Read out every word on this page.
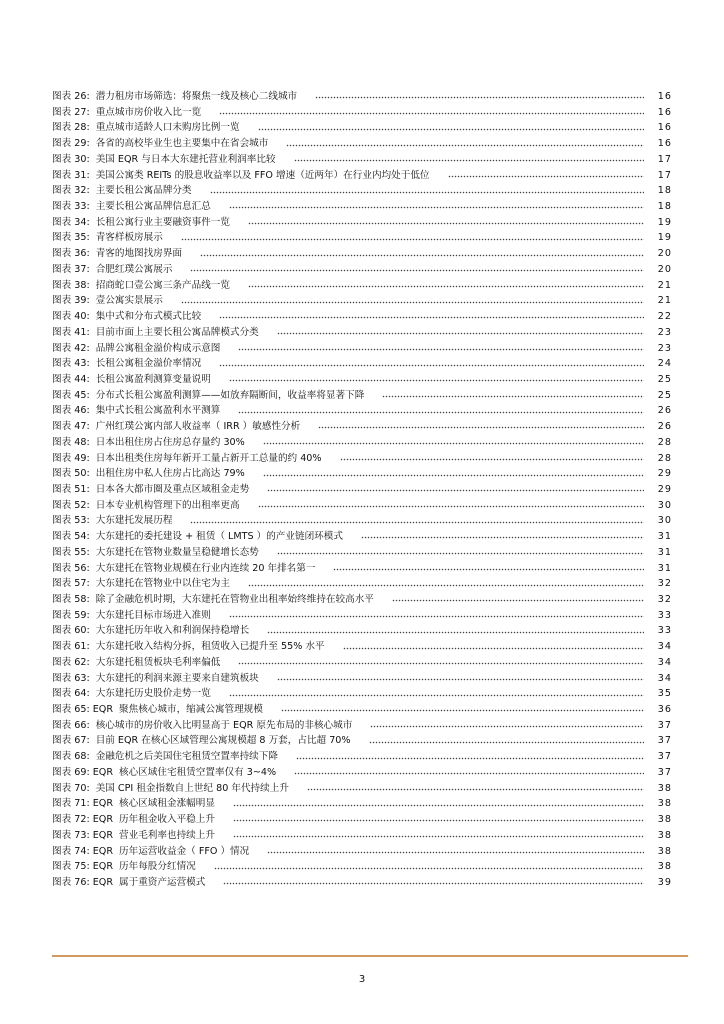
图表 26: 潜力租房市场筛选：将聚焦一线及核心二线城市	16
图表 27: 重点城市房价收入比一览	16
图表 28: 重点城市适龄人口未购房比例一览	16
图表 29: 各省的高校毕业生也主要集中在省会城市	16
图表 30: 美国 EQR 与日本大东建托营业利润率比较	17
图表 31: 美国公寓类 REITs 的股息收益率以及 FFO 增速（近两年）在行业内均处于低位	17
图表 32: 主要长租公寓品牌分类	18
图表 33: 主要长租公寓品牌信息汇总	18
图表 34: 长租公寓行业主要融资事件一览	19
图表 35: 青客样板房展示	19
图表 36: 青客的地图找房界面	20
图表 37: 合肥红璞公寓展示	20
图表 38: 招商蛇口壹公寓三条产品线一览	21
图表 39: 壹公寓实景展示	21
图表 40: 集中式和分布式模式比较	22
图表 41: 目前市面上主要长租公寓品牌模式分类	23
图表 42: 品牌公寓租金溢价构成示意图	23
图表 43: 长租公寓租金溢价率情况	24
图表 44: 长租公寓盈利测算变量说明	25
图表 45: 分布式长租公寓盈利测算——如放弃隔断间，收益率将显著下降	25
图表 46: 集中式长租公寓盈利水平测算	26
图表 47: 广州红璞公寓内部人收益率（ IRR ）敏感性分析	26
图表 48: 日本出租住房占住房总存量约 30%	28
图表 49: 日本出租类住房每年新开工量占新开工总量的约 40%	28
图表 50: 出租住房中私人住房占比高达 79%	29
图表 51: 日本各大都市圈及重点区域租金走势	29
图表 52: 日本专业机构管理下的出租率更高	30
图表 53: 大东建托发展历程	30
图表 54: 大东建托的委托建设 + 租赁（ LMTS ）的产业链闭环模式	31
图表 55: 大东建托在管物业数量呈稳健增长态势	31
图表 56: 大东建托在管物业规模在行业内连续 20 年排名第一	31
图表 57: 大东建托在管物业中以住宅为主	32
图表 58: 除了金融危机时期，大东建托在管物业出租率始终维持在较高水平	32
图表 59: 大东建托目标市场进入准则	33
图表 60: 大东建托历年收入和利润保持稳增长	33
图表 61: 大东建托收入结构分拆，租赁收入已提升至 55% 水平	34
图表 62: 大东建托租赁板块毛利率偏低	34
图表 63: 大东建托的利润来源主要来自建筑板块	34
图表 64: 大东建托历史股价走势一览	35
图表 65: EQR 聚焦核心城市，缩减公寓管理规模	36
图表 66: 核心城市的房价收入比明显高于 EQR 原先布局的非核心城市	37
图表 67: 目前 EQR 在核心区域管理公寓规模超 8 万套，占比超 70%	37
图表 68: 金融危机之后美国住宅租赁空置率持续下降	37
图表 69: EQR 核心区域住宅租赁空置率仅有 3~4%	37
图表 70: 美国 CPI 租金指数自上世纪 80 年代持续上升	38
图表 71: EQR 核心区域租金涨幅明显	38
图表 72: EQR 历年租金收入平稳上升	38
图表 73: EQR 营业毛利率也持续上升	38
图表 74: EQR 历年运营收益金（ FFO ）情况	38
图表 75: EQR 历年每股分红情况	38
图表 76: EQR 属于重资产运营模式	39
3
